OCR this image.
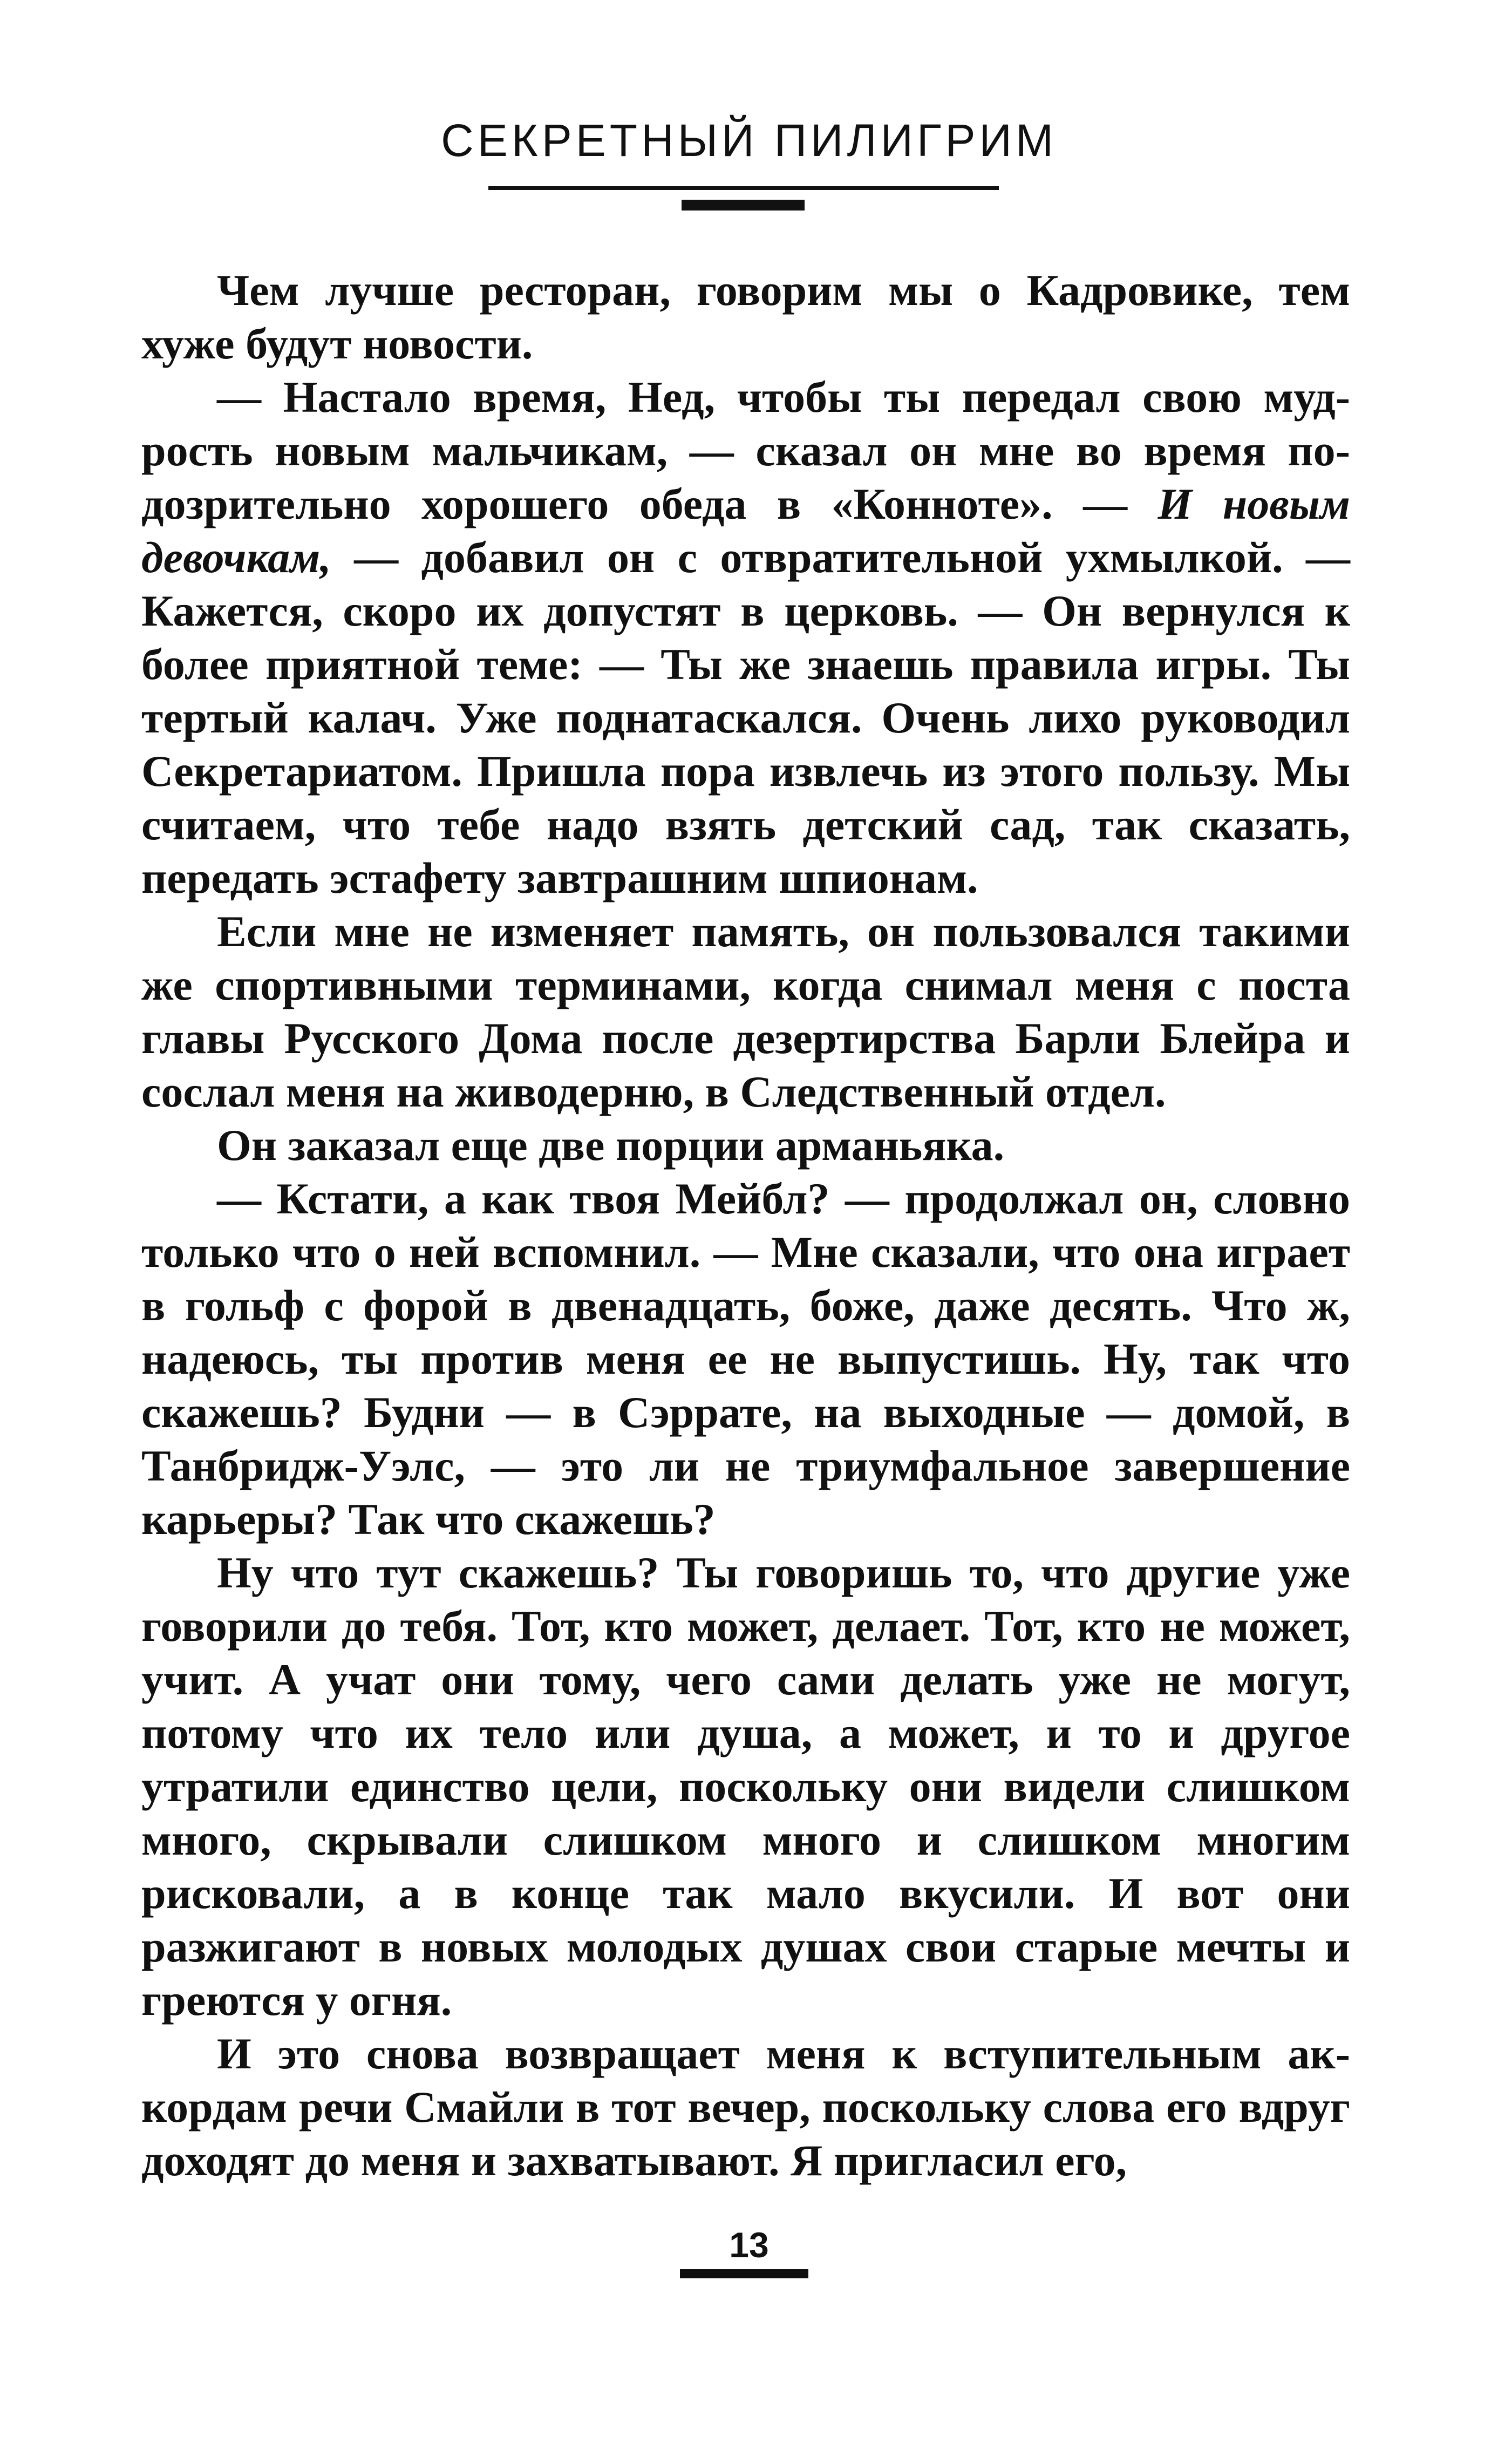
СЕКРЕТНЫЙ ПИЛИГРИМ

Чем лучше ресторан, говорим мы о Кадровике, тем хуже будут новости.

— Настало время, Нед, чтобы ты передал свою мудрость новым мальчикам, — сказал он мне во время подозрительно хорошего обеда в «Конноте». — И новым девочкам, — добавил он с отвратительной ухмылкой. — Кажется, скоро их допустят в церковь. — Он вернулся к более приятной теме: — Ты же знаешь правила игры. Ты тертый калач. Уже поднатаскался. Очень лихо руководил Секретариатом. Пришла пора извлечь из этого пользу. Мы считаем, что тебе надо взять детский сад, так сказать, передать эстафету завтрашним шпионам.

Если мне не изменяет память, он пользовался такими же спортивными терминами, когда снимал меня с поста главы Русского Дома после дезертирства Барли Блейра и сослал меня на живодерню, в Следственный отдел.

Он заказал еще две порции арманьяка.

— Кстати, а как твоя Мейбл? — продолжал он, словно только что о ней вспомнил. — Мне сказали, что она играет в гольф с форой в двенадцать, боже, даже десять. Что ж, надеюсь, ты против меня ее не выпустишь. Ну, так что скажешь? Будни — в Сэррате, на выходные — домой, в Танбридж-Уэлс, — это ли не триумфальное завершение карьеры? Так что скажешь?

Ну что тут скажешь? Ты говоришь то, что другие уже говорили до тебя. Тот, кто может, делает. Тот, кто не может, учит. А учат они тому, чего сами делать уже не могут, потому что их тело или душа, а может, и то и другое утратили единство цели, поскольку они видели слишком много, скрывали слишком много и слишком многим рисковали, а в конце так мало вкусили. И вот они разжигают в новых молодых душах свои старые мечты и греются у огня.

И это снова возвращает меня к вступительным аккордам речи Смайли в тот вечер, поскольку слова его вдруг доходят до меня и захватывают. Я пригласил его,

13
